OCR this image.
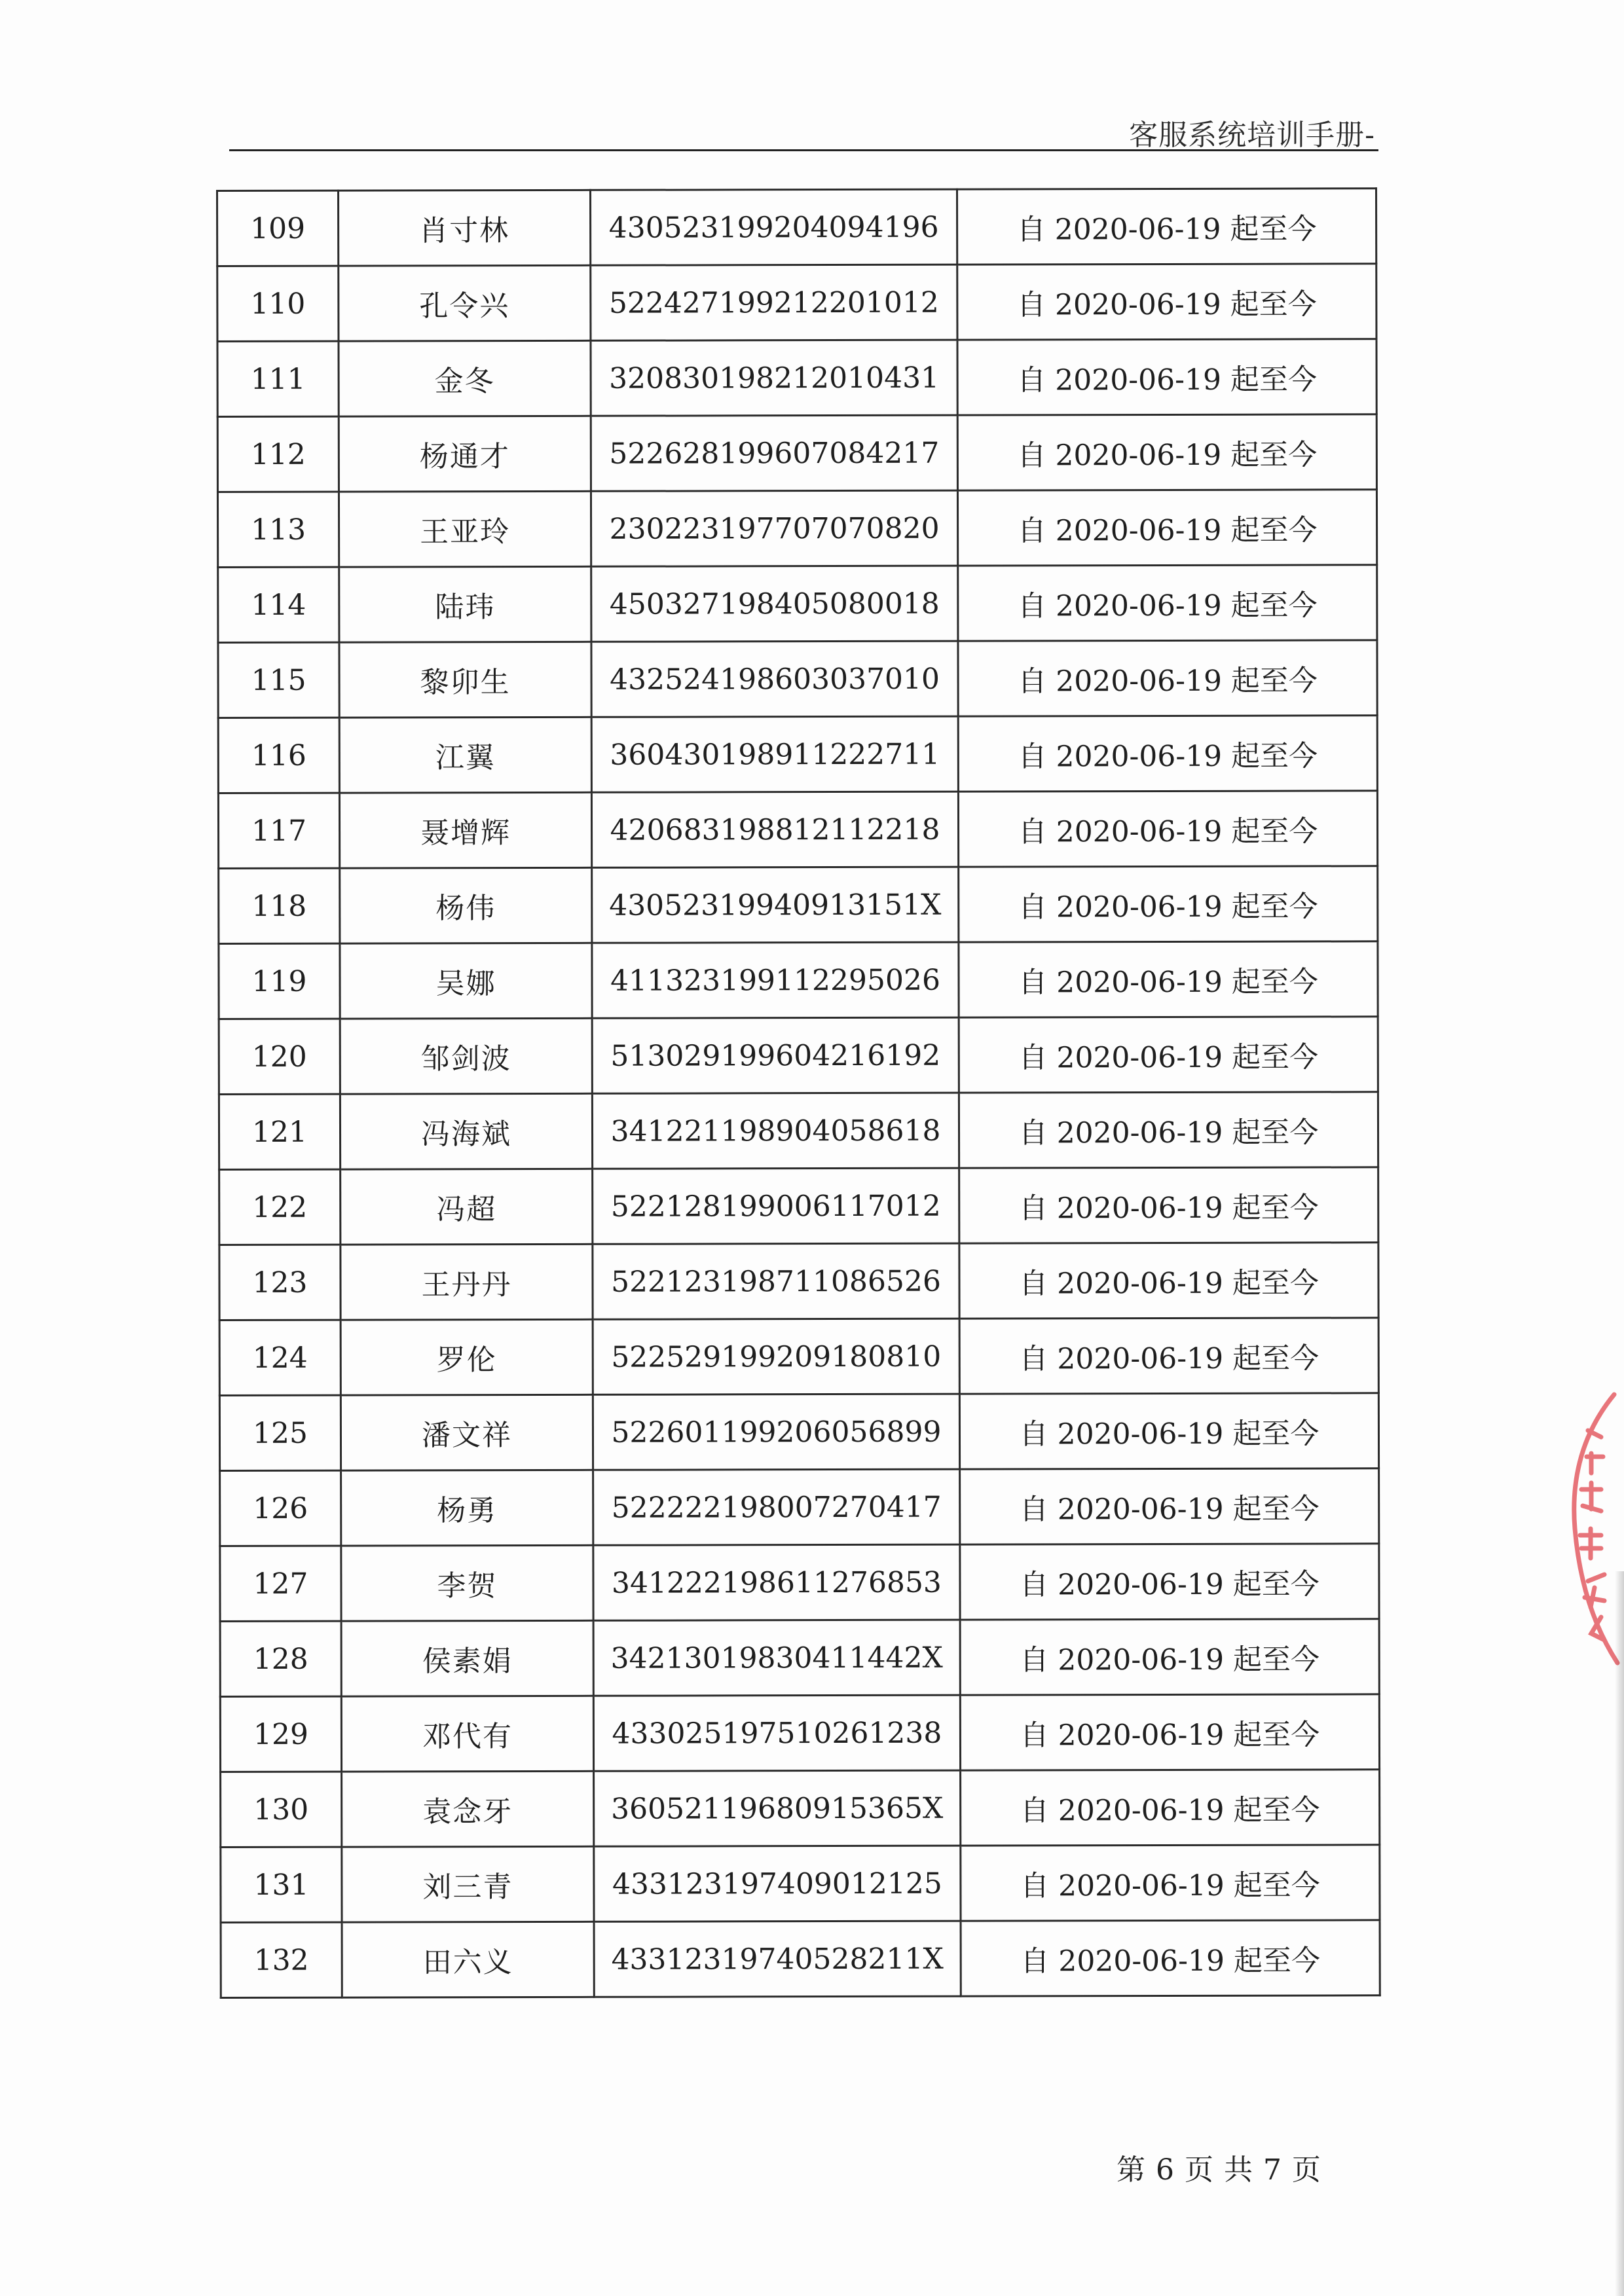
客服系统培训手册-
109	肖寸林	430523199204094196	自 2020-06-19 起至今
110	孔令兴	522427199212201012	自 2020-06-19 起至今
111	金冬	320830198212010431	自 2020-06-19 起至今
112	杨通才	522628199607084217	自 2020-06-19 起至今
113	王亚玲	230223197707070820	自 2020-06-19 起至今
114	陆玮	450327198405080018	自 2020-06-19 起至今
115	黎卯生	432524198603037010	自 2020-06-19 起至今
116	江翼	360430198911222711	自 2020-06-19 起至今
117	聂增辉	420683198812112218	自 2020-06-19 起至今
118	杨伟	43052319940913151X	自 2020-06-19 起至今
119	吴娜	411323199112295026	自 2020-06-19 起至今
120	邹剑波	513029199604216192	自 2020-06-19 起至今
121	冯海斌	341221198904058618	自 2020-06-19 起至今
122	冯超	522128199006117012	自 2020-06-19 起至今
123	王丹丹	522123198711086526	自 2020-06-19 起至今
124	罗伦	522529199209180810	自 2020-06-19 起至今
125	潘文祥	522601199206056899	自 2020-06-19 起至今
126	杨勇	522222198007270417	自 2020-06-19 起至今
127	李贺	341222198611276853	自 2020-06-19 起至今
128	侯素娟	34213019830411442X	自 2020-06-19 起至今
129	邓代有	433025197510261238	自 2020-06-19 起至今
130	袁念牙	36052119680915365X	自 2020-06-19 起至今
131	刘三青	433123197409012125	自 2020-06-19 起至今
132	田六义	43312319740528211X	自 2020-06-19 起至今
第 6 页 共 7 页
